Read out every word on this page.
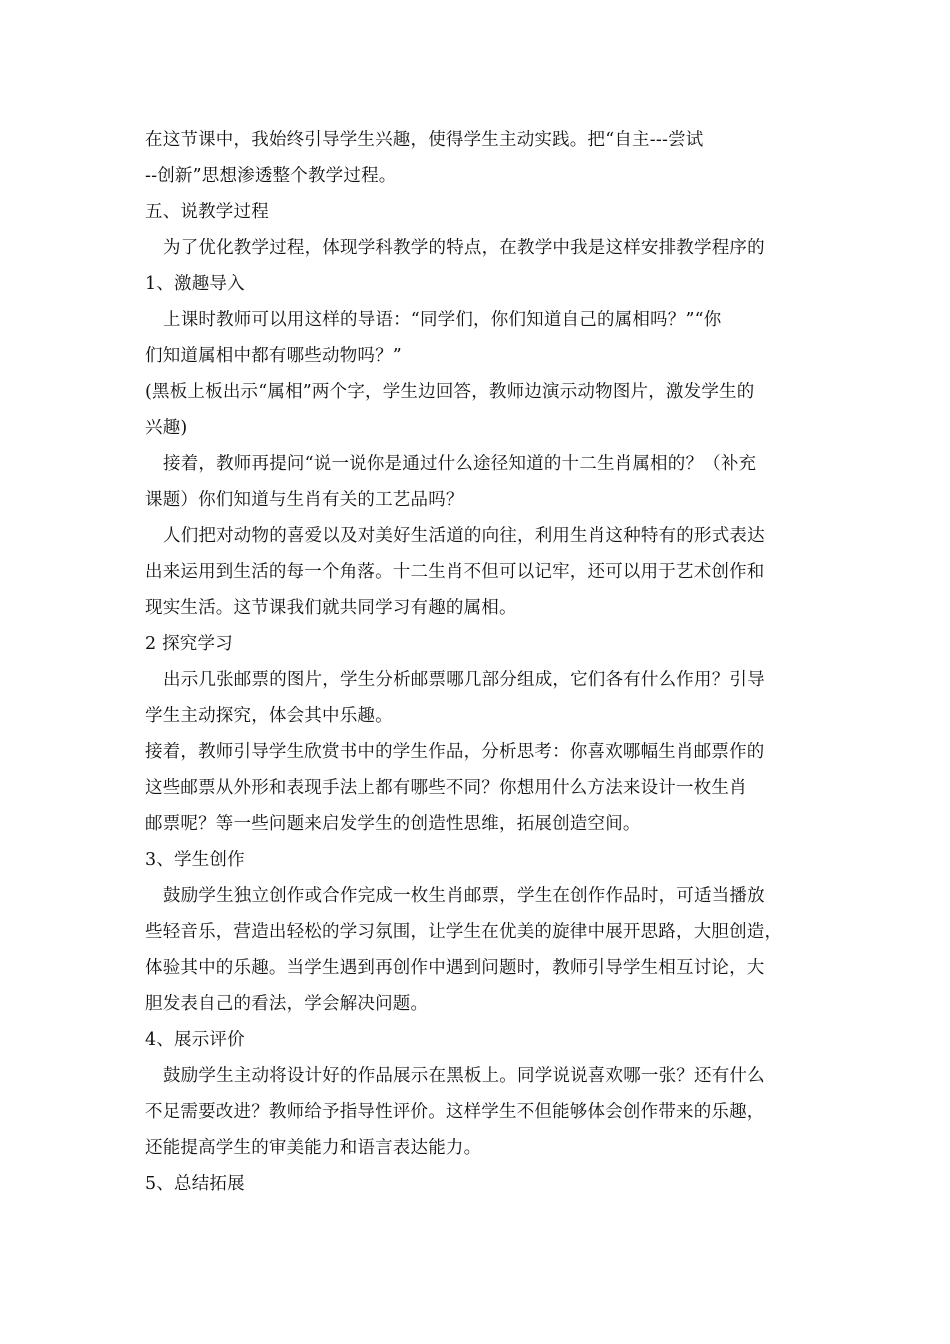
在这节课中，我始终引导学生兴趣，使得学生主动实践。把“自主---尝试
--创新”思想渗透整个教学过程。
五、说教学过程
为了优化教学过程，体现学科教学的特点，在教学中我是这样安排教学程序的
1、激趣导入
上课时教师可以用这样的导语：“同学们，你们知道自己的属相吗？”“你
们知道属相中都有哪些动物吗？”
(黑板上板出示“属相”两个字，学生边回答，教师边演示动物图片，激发学生的
兴趣)
接着，教师再提问“说一说你是通过什么途径知道的十二生肖属相的？（补充
课题）你们知道与生肖有关的工艺品吗？
人们把对动物的喜爱以及对美好生活道的向往，利用生肖这种特有的形式表达
出来运用到生活的每一个角落。十二生肖不但可以记牢，还可以用于艺术创作和
现实生活。这节课我们就共同学习有趣的属相。
2 探究学习
出示几张邮票的图片，学生分析邮票哪几部分组成，它们各有什么作用？引导
学生主动探究，体会其中乐趣。
接着，教师引导学生欣赏书中的学生作品，分析思考：你喜欢哪幅生肖邮票作的
这些邮票从外形和表现手法上都有哪些不同？你想用什么方法来设计一枚生肖
邮票呢？等一些问题来启发学生的创造性思维，拓展创造空间。
3、学生创作
鼓励学生独立创作或合作完成一枚生肖邮票，学生在创作作品时，可适当播放
些轻音乐，营造出轻松的学习氛围，让学生在优美的旋律中展开思路，大胆创造，
体验其中的乐趣。当学生遇到再创作中遇到问题时，教师引导学生相互讨论，大
胆发表自己的看法，学会解决问题。
4、展示评价
鼓励学生主动将设计好的作品展示在黑板上。同学说说喜欢哪一张？还有什么
不足需要改进？教师给予指导性评价。这样学生不但能够体会创作带来的乐趣，
还能提高学生的审美能力和语言表达能力。
5、总结拓展
